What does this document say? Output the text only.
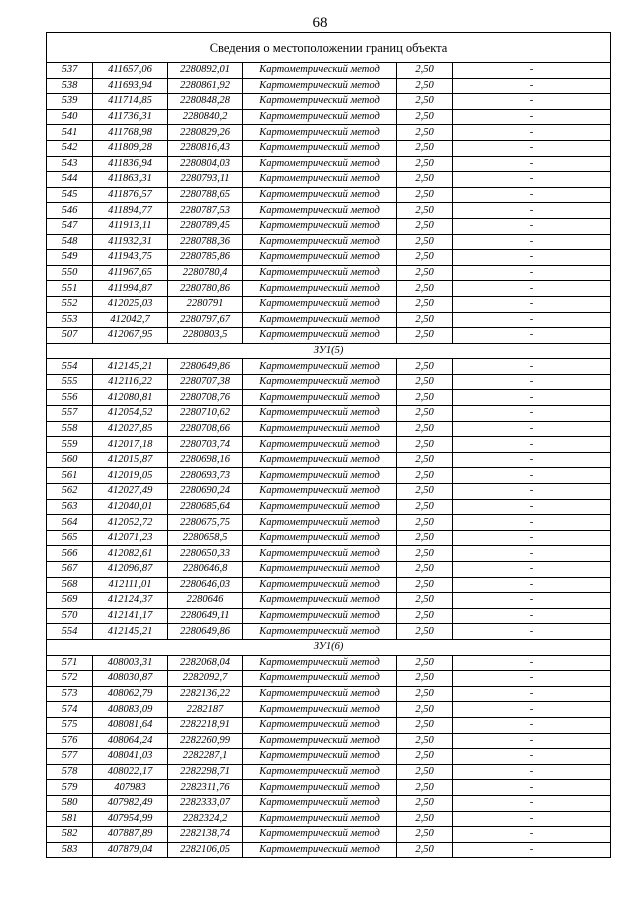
68
Сведения о местоположении границ объекта					
537	411657,06	2280892,01	Картометрический метод	2,50	-
538	411693,94	2280861,92	Картометрический метод	2,50	-
539	411714,85	2280848,28	Картометрический метод	2,50	-
540	411736,31	2280840,2	Картометрический метод	2,50	-
541	411768,98	2280829,26	Картометрический метод	2,50	-
542	411809,28	2280816,43	Картометрический метод	2,50	-
543	411836,94	2280804,03	Картометрический метод	2,50	-
544	411863,31	2280793,11	Картометрический метод	2,50	-
545	411876,57	2280788,65	Картометрический метод	2,50	-
546	411894,77	2280787,53	Картометрический метод	2,50	-
547	411913,11	2280789,45	Картометрический метод	2,50	-
548	411932,31	2280788,36	Картометрический метод	2,50	-
549	411943,75	2280785,86	Картометрический метод	2,50	-
550	411967,65	2280780,4	Картометрический метод	2,50	-
551	411994,87	2280780,86	Картометрический метод	2,50	-
552	412025,03	2280791	Картометрический метод	2,50	-
553	412042,7	2280797,67	Картометрический метод	2,50	-
507	412067,95	2280803,5	Картометрический метод	2,50	-
ЗУ1(5)					
554	412145,21	2280649,86	Картометрический метод	2,50	-
555	412116,22	2280707,38	Картометрический метод	2,50	-
556	412080,81	2280708,76	Картометрический метод	2,50	-
557	412054,52	2280710,62	Картометрический метод	2,50	-
558	412027,85	2280708,66	Картометрический метод	2,50	-
559	412017,18	2280703,74	Картометрический метод	2,50	-
560	412015,87	2280698,16	Картометрический метод	2,50	-
561	412019,05	2280693,73	Картометрический метод	2,50	-
562	412027,49	2280690,24	Картометрический метод	2,50	-
563	412040,01	2280685,64	Картометрический метод	2,50	-
564	412052,72	2280675,75	Картометрический метод	2,50	-
565	412071,23	2280658,5	Картометрический метод	2,50	-
566	412082,61	2280650,33	Картометрический метод	2,50	-
567	412096,87	2280646,8	Картометрический метод	2,50	-
568	412111,01	2280646,03	Картометрический метод	2,50	-
569	412124,37	2280646	Картометрический метод	2,50	-
570	412141,17	2280649,11	Картометрический метод	2,50	-
554	412145,21	2280649,86	Картометрический метод	2,50	-
ЗУ1(6)					
571	408003,31	2282068,04	Картометрический метод	2,50	-
572	408030,87	2282092,7	Картометрический метод	2,50	-
573	408062,79	2282136,22	Картометрический метод	2,50	-
574	408083,09	2282187	Картометрический метод	2,50	-
575	408081,64	2282218,91	Картометрический метод	2,50	-
576	408064,24	2282260,99	Картометрический метод	2,50	-
577	408041,03	2282287,1	Картометрический метод	2,50	-
578	408022,17	2282298,71	Картометрический метод	2,50	-
579	407983	2282311,76	Картометрический метод	2,50	-
580	407982,49	2282333,07	Картометрический метод	2,50	-
581	407954,99	2282324,2	Картометрический метод	2,50	-
582	407887,89	2282138,74	Картометрический метод	2,50	-
583	407879,04	2282106,05	Картометрический метод	2,50	-
